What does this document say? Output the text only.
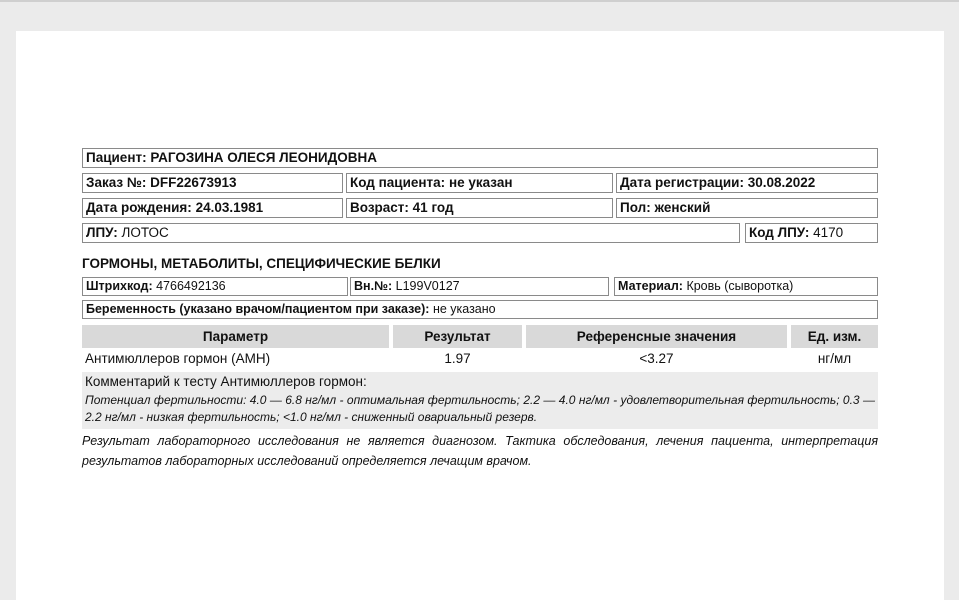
Пациент: РАГОЗИНА ОЛЕСЯ ЛЕОНИДОВНА
Заказ №: DFF22673913	Код пациента: не указан	Дата регистрации: 30.08.2022
Дата рождения: 24.03.1981	Возраст: 41 год	Пол: женский
ЛПУ: ЛОТОС	Код ЛПУ: 4170
ГОРМОНЫ, МЕТАБОЛИТЫ, СПЕЦИФИЧЕСКИЕ БЕЛКИ
Штрихкод: 4766492136	Вн.№: L199V0127	Материал: Кровь (сыворотка)
Беременность (указано врачом/пациентом при заказе): не указано
Параметр	Результат	Референсные значения	Ед. изм.
Антимюллеров гормон (АМН)	1.97	<3.27	нг/мл
Комментарий к тесту Антимюллеров гормон:
Потенциал фертильности: 4.0 — 6.8 нг/мл - оптимальная фертильность; 2.2 — 4.0 нг/мл - удовлетворительная фертильность; 0.3 — 2.2 нг/мл - низкая фертильность; <1.0 нг/мл - сниженный овариальный резерв.
Результат лабораторного исследования не является диагнозом. Тактика обследования, лечения пациента, интерпретация результатов лабораторных исследований определяется лечащим врачом.
